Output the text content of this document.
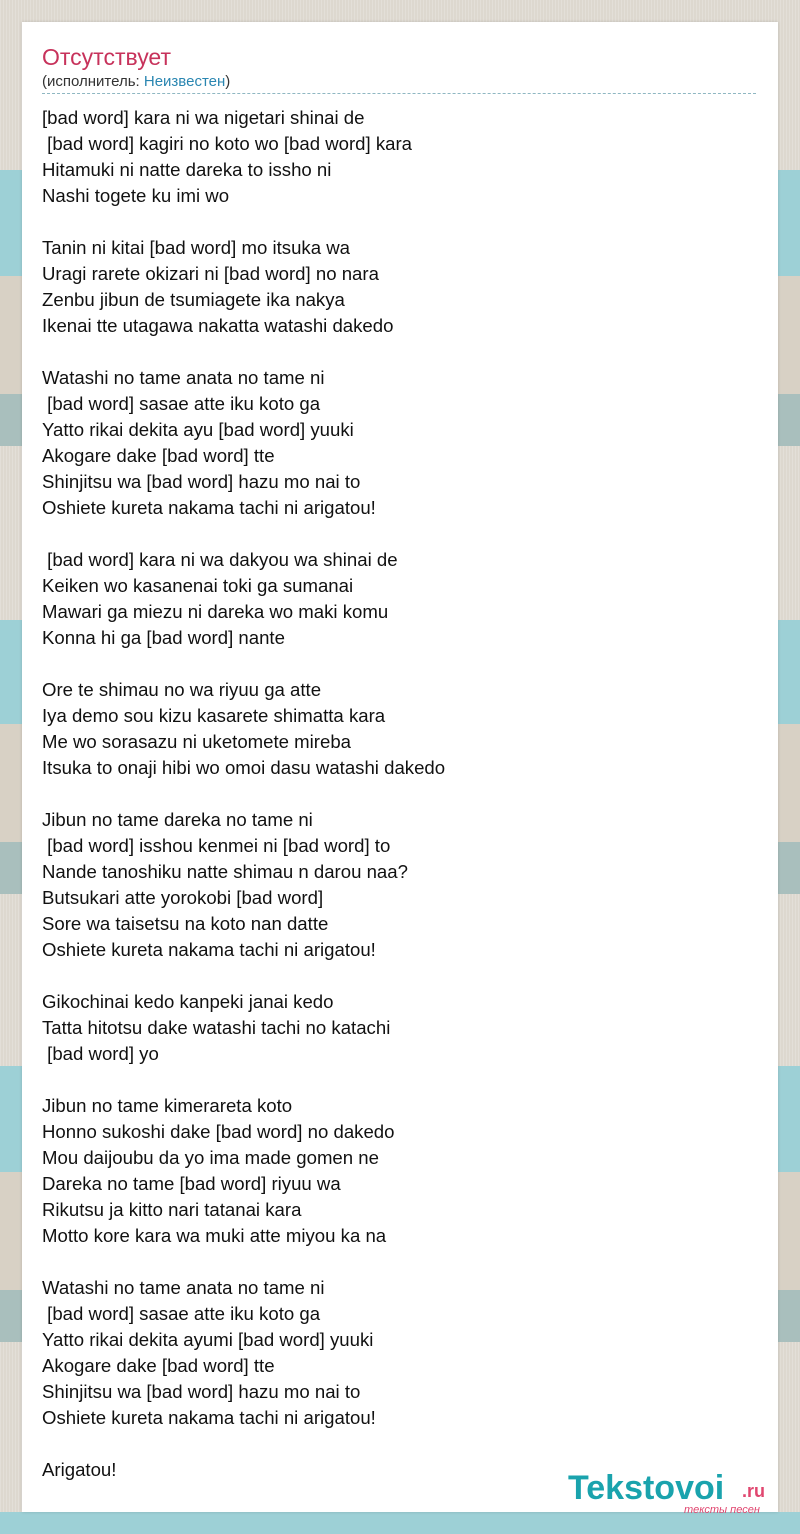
Отсутствует
(исполнитель: Неизвестен)
[bad word] kara ni wa nigetari shinai de
[bad word] kagiri no koto wo [bad word] kara
Hitamuki ni natte dareka to issho ni
Nashi togete ku imi wo

Tanin ni kitai [bad word] mo itsuka wa
Uragi rarete okizari ni [bad word] no nara
Zenbu jibun de tsumiagete ika nakya
Ikenai tte utagawa nakatta watashi dakedo

Watashi no tame anata no tame ni
[bad word] sasae atte iku koto ga
Yatto rikai dekita ayu [bad word] yuuki
Akogare dake [bad word] tte
Shinjitsu wa [bad word] hazu mo nai to
Oshiete kureta nakama tachi ni arigatou!

[bad word] kara ni wa dakyou wa shinai de
Keiken wo kasanenai toki ga sumanai
Mawari ga miezu ni dareka wo maki komu
Konna hi ga [bad word] nante

Ore te shimau no wa riyuu ga atte
Iya demo sou kizu kasarete shimatta kara
Me wo sorasazu ni uketomete mireba
Itsuka to onaji hibi wo omoi dasu watashi dakedo

Jibun no tame dareka no tame ni
[bad word] isshou kenmei ni [bad word] to
Nande tanoshiku natte shimau n darou naa?
Butsukari atte yorokobi [bad word]
Sore wa taisetsu na koto nan datte
Oshiete kureta nakama tachi ni arigatou!

Gikochinai kedo kanpeki janai kedo
Tatta hitotsu dake watashi tachi no katachi
[bad word] yo

Jibun no tame kimerareta koto
Honno sukoshi dake [bad word] no dakedo
Mou daijoubu da yo ima made gomen ne
Dareka no tame [bad word] riyuu wa
Rikutsu ja kitto nari tatanai kara
Motto kore kara wa muki atte miyou ka na

Watashi no tame anata no tame ni
[bad word] sasae atte iku koto ga
Yatto rikai dekita ayumi [bad word] yuuki
Akogare dake [bad word] tte
Shinjitsu wa [bad word] hazu mo nai to
Oshiete kureta nakama tachi ni arigatou!

Arigatou!	Tekstovoi .ru
тексты песен
